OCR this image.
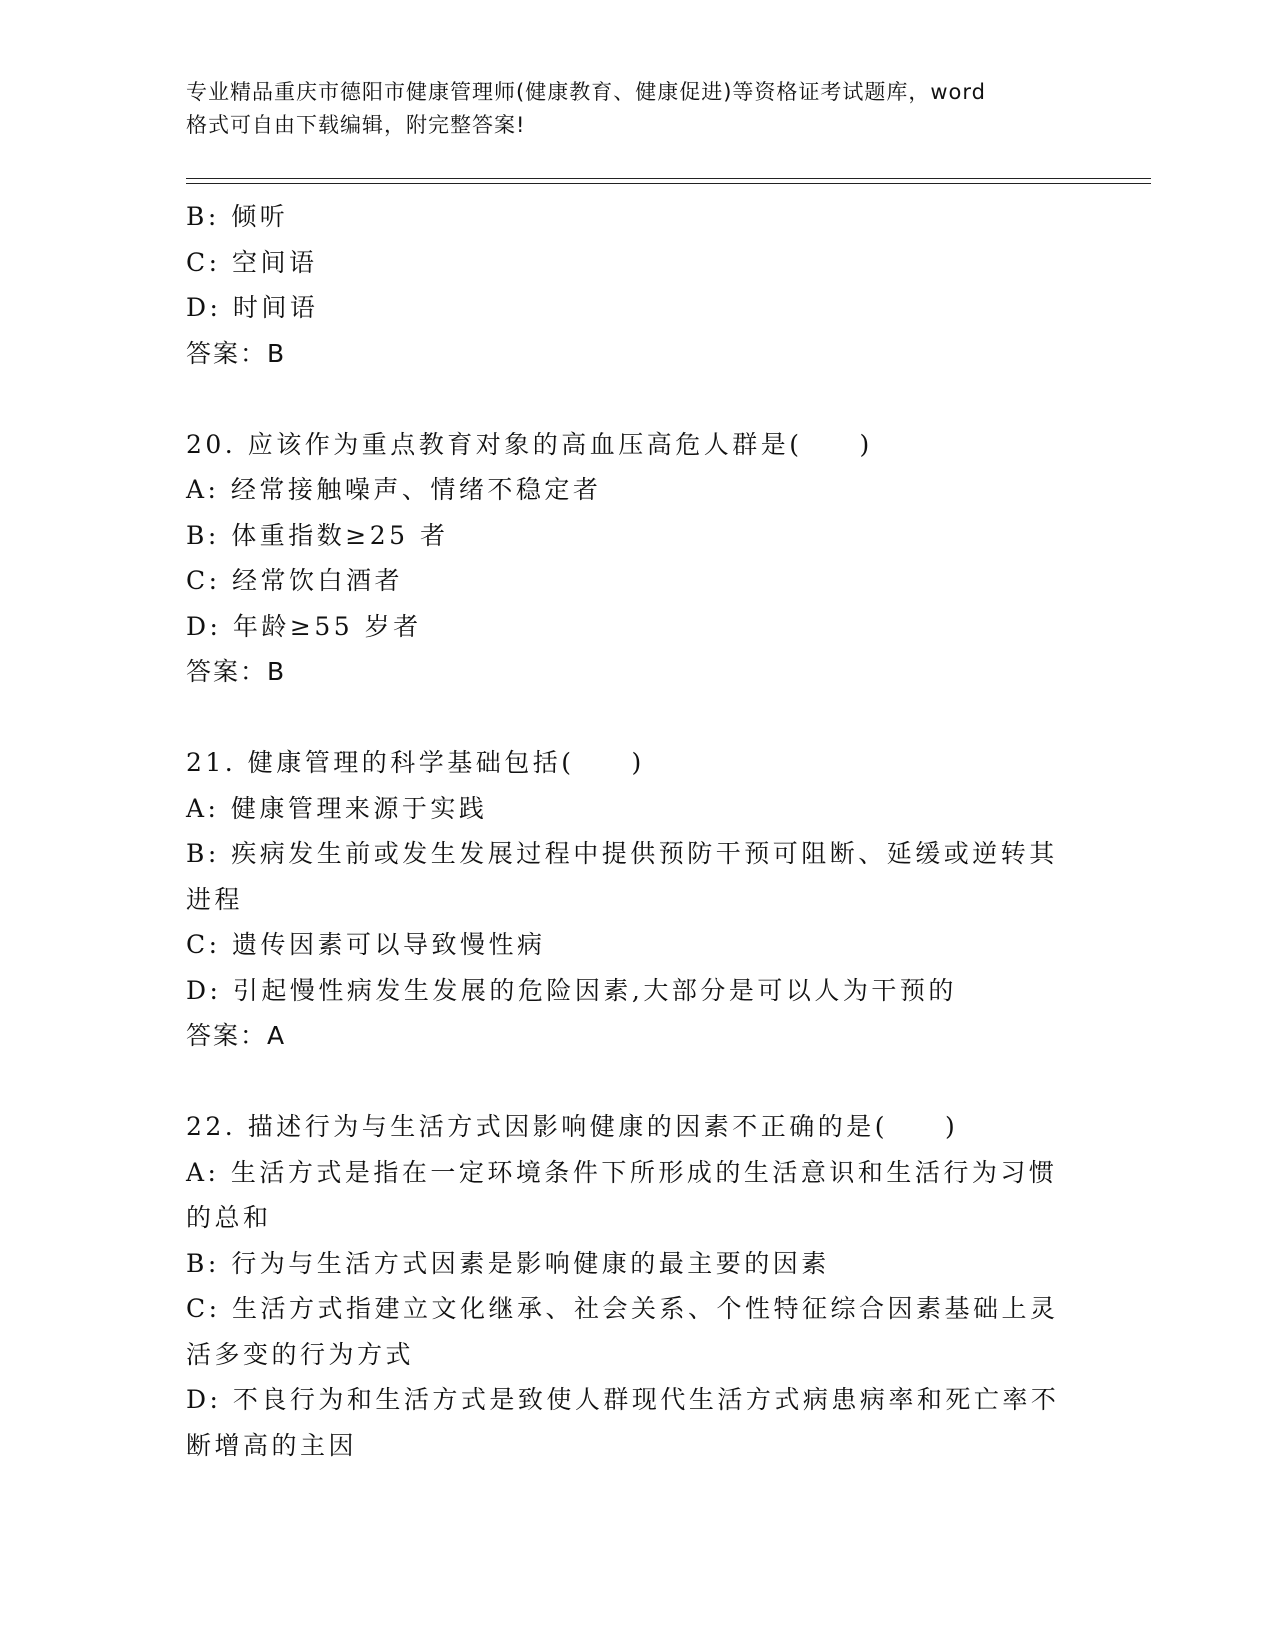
专业精品重庆市德阳市健康管理师(健康教育、健康促进)等资格证考试题库，word
格式可自由下载编辑，附完整答案!
B: 倾听
C: 空间语
D: 时间语
答案：B
20. 应该作为重点教育对象的高血压高危人群是(　　)
A: 经常接触噪声、情绪不稳定者
B: 体重指数≥25 者
C: 经常饮白酒者
D: 年龄≥55 岁者
答案：B
21. 健康管理的科学基础包括(　　)
A: 健康管理来源于实践
B: 疾病发生前或发生发展过程中提供预防干预可阻断、延缓或逆转其
进程
C: 遗传因素可以导致慢性病
D: 引起慢性病发生发展的危险因素,大部分是可以人为干预的
答案：A
22. 描述行为与生活方式因影响健康的因素不正确的是(　　)
A: 生活方式是指在一定环境条件下所形成的生活意识和生活行为习惯
的总和
B: 行为与生活方式因素是影响健康的最主要的因素
C: 生活方式指建立文化继承、社会关系、个性特征综合因素基础上灵
活多变的行为方式
D: 不良行为和生活方式是致使人群现代生活方式病患病率和死亡率不
断增高的主因
